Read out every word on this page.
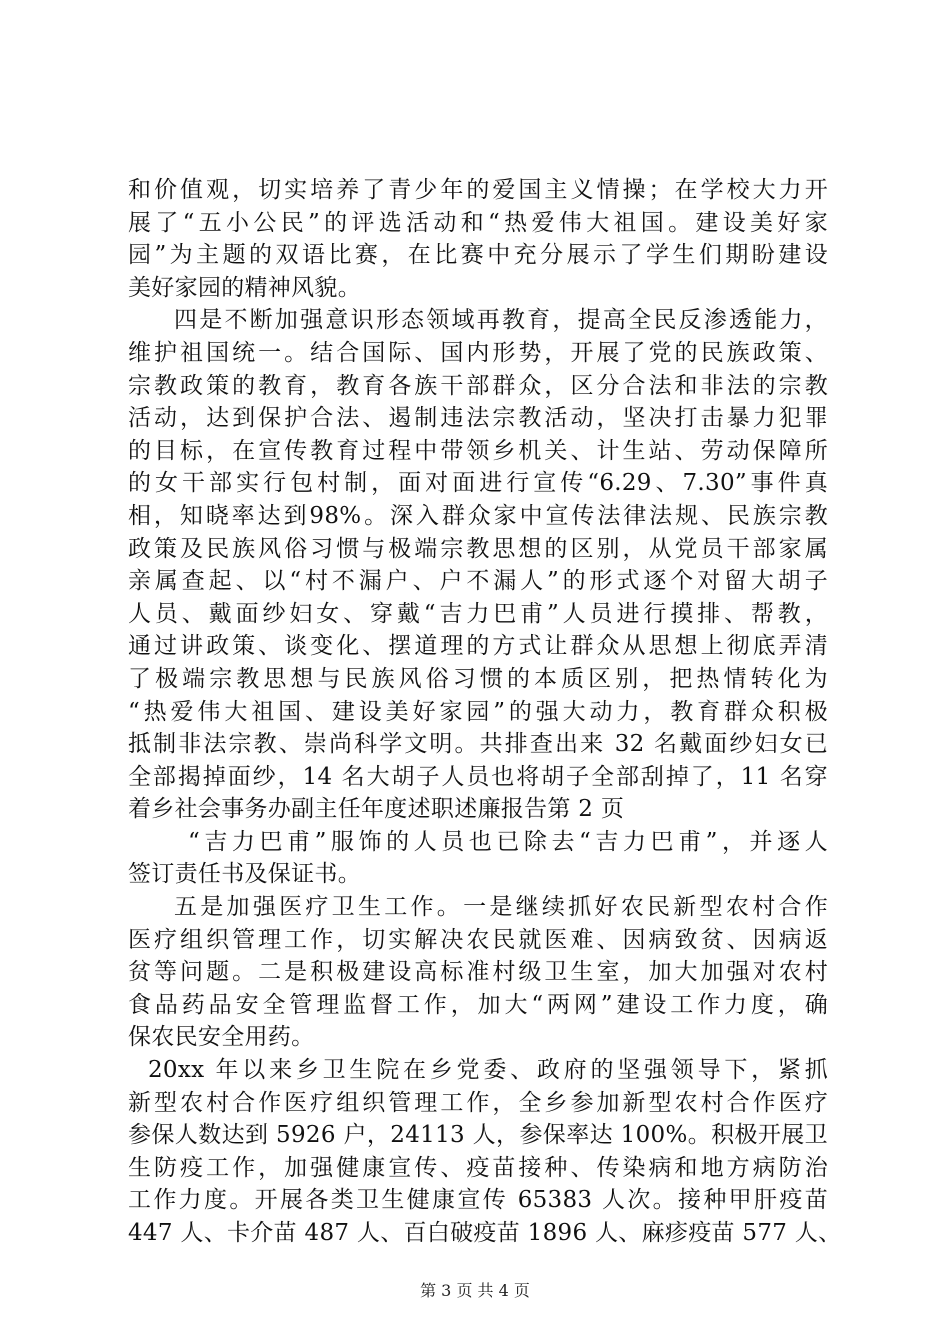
和价值观，切实培养了青少年的爱国主义情操；在学校大力开
展了“五小公民”的评选活动和“热爱伟大祖国。建设美好家
园”为主题的双语比赛，在比赛中充分展示了学生们期盼建设
美好家园的精神风貌。
四是不断加强意识形态领域再教育，提高全民反渗透能力，
维护祖国统一。结合国际、国内形势，开展了党的民族政策、
宗教政策的教育，教育各族干部群众，区分合法和非法的宗教
活动，达到保护合法、遏制违法宗教活动，坚决打击暴力犯罪
的目标，在宣传教育过程中带领乡机关、计生站、劳动保障所
的女干部实行包村制，面对面进行宣传“6.29、7.30”事件真
相，知晓率达到98%。深入群众家中宣传法律法规、民族宗教
政策及民族风俗习惯与极端宗教思想的区别，从党员干部家属
亲属查起、以“村不漏户、户不漏人”的形式逐个对留大胡子
人员、戴面纱妇女、穿戴“吉力巴甫”人员进行摸排、帮教，
通过讲政策、谈变化、摆道理的方式让群众从思想上彻底弄清
了极端宗教思想与民族风俗习惯的本质区别，把热情转化为
“热爱伟大祖国、建设美好家园”的强大动力，教育群众积极
抵制非法宗教、崇尚科学文明。共排查出来 32 名戴面纱妇女已
全部揭掉面纱，14 名大胡子人员也将胡子全部刮掉了，11 名穿
着乡社会事务办副主任年度述职述廉报告第 2 页
“吉力巴甫”服饰的人员也已除去“吉力巴甫”，并逐人
签订责任书及保证书。
五是加强医疗卫生工作。一是继续抓好农民新型农村合作
医疗组织管理工作，切实解决农民就医难、因病致贫、因病返
贫等问题。二是积极建设高标准村级卫生室，加大加强对农村
食品药品安全管理监督工作，加大“两网”建设工作力度，确
保农民安全用药。
20xx 年以来乡卫生院在乡党委、政府的坚强领导下，紧抓
新型农村合作医疗组织管理工作，全乡参加新型农村合作医疗
参保人数达到 5926 户，24113 人，参保率达 100%。积极开展卫
生防疫工作，加强健康宣传、疫苗接种、传染病和地方病防治
工作力度。开展各类卫生健康宣传 65383 人次。接种甲肝疫苗
447 人、卡介苗 487 人、百白破疫苗 1896 人、麻疹疫苗 577 人、
第 3 页 共 4 页
